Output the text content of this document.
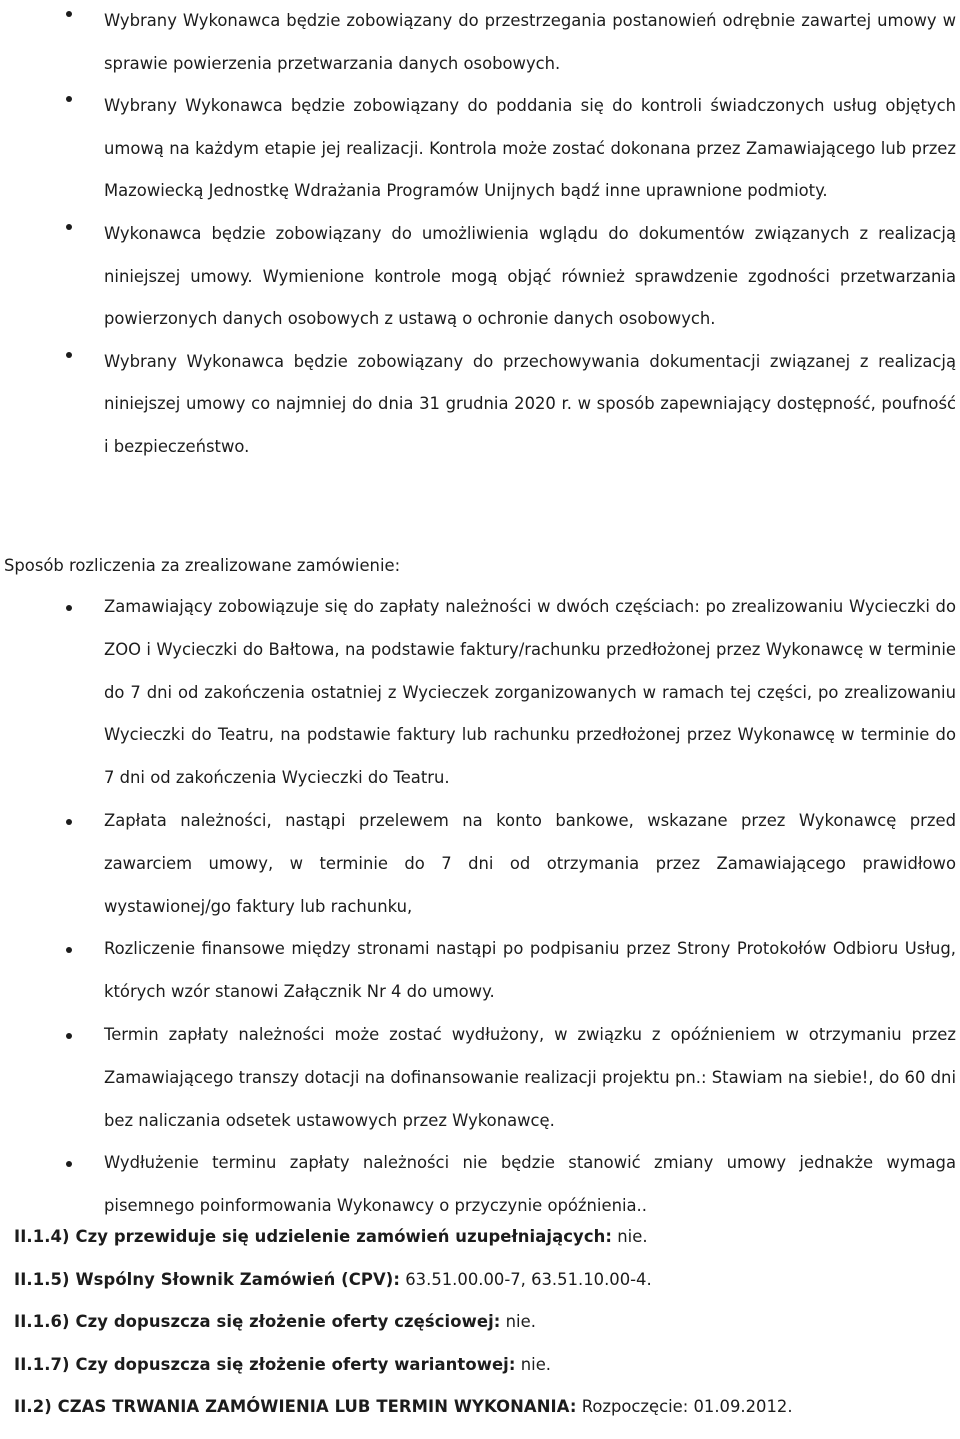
Wybrany Wykonawca będzie zobowiązany do przestrzegania postanowień odrębnie zawartej umowy w sprawie powierzenia przetwarzania danych osobowych.
Wybrany Wykonawca będzie zobowiązany do poddania się do kontroli świadczonych usług objętych umową na każdym etapie jej realizacji. Kontrola może zostać dokonana przez Zamawiającego lub przez Mazowiecką Jednostkę Wdrażania Programów Unijnych bądź inne uprawnione podmioty.
Wykonawca będzie zobowiązany do umożliwienia wglądu do dokumentów związanych z realizacją niniejszej umowy. Wymienione kontrole mogą objąć również sprawdzenie zgodności przetwarzania powierzonych danych osobowych z ustawą o ochronie danych osobowych.
Wybrany Wykonawca będzie zobowiązany do przechowywania dokumentacji związanej z realizacją niniejszej umowy co najmniej do dnia 31 grudnia 2020 r. w sposób zapewniający dostępność, poufność i bezpieczeństwo.

Sposób rozliczenia za zrealizowane zamówienie:

Zamawiający zobowiązuje się do zapłaty należności w dwóch częściach: po zrealizowaniu Wycieczki do ZOO i Wycieczki do Bałtowa, na podstawie faktury/rachunku przedłożonej przez Wykonawcę w terminie do 7 dni od zakończenia ostatniej z Wycieczek zorganizowanych w ramach tej części, po zrealizowaniu Wycieczki do Teatru, na podstawie faktury lub rachunku przedłożonej przez Wykonawcę w terminie do 7 dni od zakończenia Wycieczki do Teatru.
Zapłata należności, nastąpi przelewem na konto bankowe, wskazane przez Wykonawcę przed zawarciem umowy, w terminie do 7 dni od otrzymania przez Zamawiającego prawidłowo wystawionej/go faktury lub rachunku,
Rozliczenie finansowe między stronami nastąpi po podpisaniu przez Strony Protokołów Odbioru Usług, których wzór stanowi Załącznik Nr 4 do umowy.
Termin zapłaty należności może zostać wydłużony, w związku z opóźnieniem w otrzymaniu przez Zamawiającego transzy dotacji na dofinansowanie realizacji projektu pn.: Stawiam na siebie!, do 60 dni bez naliczania odsetek ustawowych przez Wykonawcę.
Wydłużenie terminu zapłaty należności nie będzie stanowić zmiany umowy jednakże wymaga pisemnego poinformowania Wykonawcy o przyczynie opóźnienia..

II.1.4) Czy przewiduje się udzielenie zamówień uzupełniających: nie.

II.1.5) Wspólny Słownik Zamówień (CPV): 63.51.00.00-7, 63.51.10.00-4.

II.1.6) Czy dopuszcza się złożenie oferty częściowej: nie.

II.1.7) Czy dopuszcza się złożenie oferty wariantowej: nie.

II.2) CZAS TRWANIA ZAMÓWIENIA LUB TERMIN WYKONANIA: Rozpoczęcie: 01.09.2012.
